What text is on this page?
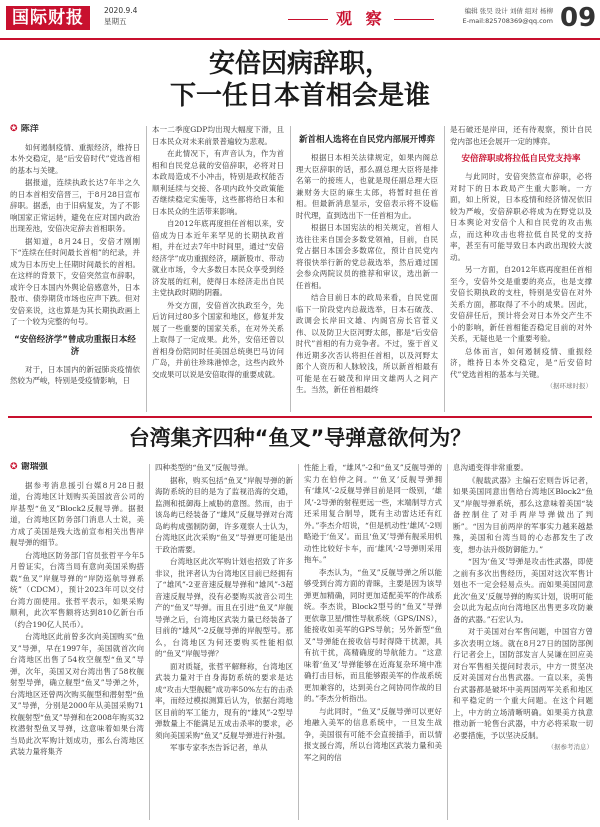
国际财报	2020.9.4
星期五	观 察	编辑 张昊 设计 刘倩 组对 杨柳
E-mail:825708369@qq.com 09
安倍因病辞职，
下一任日本首相会是谁
✪ 陈洋

如何遏制疫情、重振经济，维持日本外交稳定，是“后安倍时代”党选首相的基本与关键。

据报道，连续执政长达7年半之久的日本首相安倍晋三，于8月28日宣布辞职。据悉，由于旧病复发，为了不影响国家正常运转，避免在应对国内政治出现差池，安倍决定辞去首相职务。

据知道，8月24日，安倍才刚刚下“连续在任时间最长首相”的纪录，并成为日本历史上任期时间最长的首相。在这样的背景下，安倍突然宣布辞职，或许令日本国内外舆论倍感意外，日本股市、债券期货市场也应声下跌。但对安倍来说，这也算是为其长期执政画上了一个较为完整的句号。

“安倍经济学”曾成功重振日本经济

对于，日本国内的新冠肺炎疫情依然较为严峻，特别是受疫情影响，日

本一二季度GDP均出现大幅度下滑，且日本民众对未来前景普遍较为悲观。

在此情况下，有声音认为，作为首相和自民党总裁的安倍辞职，必将对日本政局造成不小冲击，特别是政权能否顺利延续与交接、各项内政外交政策能否继续稳定实施等，这些都将给日本和日本民众的生活带来影响。

自2012年底再度担任首相以来，安倍成为日本近年来罕见的长期执政首相，并在过去7年中时间里，通过“安倍经济学”成功重振经济，刷新股市、带动就业市场，令大多数日本民众享受到经济发展的红利，使得日本经济走出自民主党执政时期的阴霾。

外交方面，安倍首次执政至今，先后访问过80多个国家和地区，修复并发展了一些重要的国家关系，在对外关系上取得了一定成果。此外，安倍还曾以首相身份陪同时任美国总统奥巴马访问广岛，并前往珍珠港悼念，这些内政外交成果可以说是安倍取得的重要成就。

新首相人选将在自民党内部展开博弈

根据日本相关法律规定，如果内阁总理大臣辞职的话，那么副总理大臣将是排名第一的接班人，也就是现任副总理大臣兼财务大臣的麻生太郎，将暂时担任首相。但最新消息显示，安倍表示将不设临时代理，直到选出下一任首相为止。

根据日本国宪法的相关规定，首相人选往往来自国会多数党领袖，目前，自民党占据日本国会多数席位，预计自民党内将很快举行新的党总裁选举，然后通过国会参众两院议员的推荐和审议，选出新一任首相。

结合目前日本的政局来看，自民党面临下一阶段党内总裁选举，日本石破茂、政调会长岸田文雄、内阁官房长官菅义伟、以及防卫大臣河野太郎，都是“后安倍时代”首相的有力竞争者。不过，鉴于首义伟近期多次否认将担任首相，以及河野太郎个人资历和人脉较浅，所以新首相最有可能是在石破茂和岸田文雄两人之间产生。当然，新任首相最终

是石破还是岸田，还有待观察，预计自民党内部也还会展开一定的博弈。

安倍辞职或将拉低自民党支持率

与此同时，安倍突然宣布辞职，必将对时下的日本政局产生重大影响。一方面，如上所说，日本疫情和经济情况依旧较为严峻，安倍辞职必将成为在野党以及日本舆论对安倍个人和自民党的攻击焦点，而这种攻击也将拉低自民党的支持率，甚至有可能导致日本内政出现较大波动。

另一方面，自2012年底再度担任首相至今，安倍外交是重要的亮点，也是支撑安倍长期执政的支柱，特别是安倍在对外关系方面，都取得了不小的成果。因此，安倍辞任后，预计将会对日本外交产生不小的影响，新任首相能否稳定目前的对外关系，无疑也是一个重要考验。

总体而言，如何遏制疫情、重振经济，维持日本外交稳定，是“后安倍时代”党选首相的基本与关键。

（据环球时报）
台湾集齐四种“鱼叉”导弹意欲何为？
✪ 谢瑞强

据参考消息援引台媒8月28日报道，台湾地区计划购买美国波音公司的岸基型“鱼叉”Block2反舰导弹。据报道，台湾地区防务部门消息人士说，美方成了美国是残大选前宣布相关出售岸舰导弹的细节。

台湾地区防务部门官员张哲平今年5月曾证实，台湾当局有意向美国采购搭载“鱼叉”岸舰导弹的“岸防巡航导弹系统”（CDCM），预计2023年可以交付台湾方面使用。张哲平表示，如果采购顺利，此次军售额将达到810亿新台币（约合190亿人民币）。

台湾地区此前曾多次向美国购买“鱼叉”导弹，早在1997年，美国就首次向台湾地区出售了54枚空舰型“鱼叉”导弹，次年，美国又对台湾出售了58枚舰射型导弹，确立舰型“鱼叉”导弹之外，台湾地区还曾两次购买舰型和潜射型“鱼叉”导弹，分别是2000年从美国采购71枚舰射型“鱼叉”导弹和在2008年购买32枚潜射型鱼叉导弹，这意味着如果台湾当局此次军购计划成功，那么台湾地区武装力量将集齐

四种类型的“鱼叉”反舰导弹。

据称，购买包括“鱼叉”岸舰导弹的新海防系统的目的是为了监视沿海的交通，监测和抵御海上威胁的意图。然而，由于该岛屿已经装备了“雄风”反舰导弹对台湾岛屿构成强制防御，许多观察人士认为，台湾地区此次采购“鱼叉”导弹更可能是出于政治需要。

台湾地区此次军购计划也招致了许多非议，批评者认为台湾地区目前已经拥有了“雄风”-2亚音速反舰导弹和“雄风”-3超音速反舰导弹，没有必要购买波音公司生产的“鱼叉”导弹。而且在引进“鱼叉”岸舰导弹之后，台湾地区武装力量已经装备了目前的“雄风”-2反舰导弹的岸舰型号。那么，台湾地区为何还要购买性能相似的“鱼叉”岸舰导弹？

面对质疑，张哲平解释称，台湾地区武装力量对于自身海防系统的要求是达成“攻击大型舰艇”成功率50%左右的击杀率，而经过模拟测算后认为，依据台湾地区目前的军工能力，现有的“雄风”-2型导弹数量上不能满足五成击杀率的要求，必须向美国采购“鱼叉”反舰导弹进行补强。

军事专家李杰告诉记者，单从

性能上看，“雄风”-2和“鱼叉”反舰导弹的实力在伯仲之间。“‘鱼叉’反舰导弹拥有‘雄风’-2反舰导弹目前是同一级别，‘雄风’-2导弹的射程更远一些，末端制导方式还采用复合制导，既有主动雷达还有红外。”李杰介绍说，“但是机动性‘雄风’-2则略逊于‘鱼叉’。而且‘鱼叉’导弹有舰采用机动性比较好卡车，而‘雄风’-2导弹则采用拖车。”

李杰认为，“鱼叉”反舰导弹之所以能够受到台湾方面的青睐，主要是因为该导弹更加精确，同时更加适配美军的作战系统。李杰说，Block2型号的“鱼叉”导弹更依靠卫星/惯性导航系统（GPS/INS），能接收如美军的GPS导航；另外新型“鱼叉”导弹能在接收信号时得降干扰源，具有抗干扰，高精确度的导航能力。“这意味着‘鱼叉’导弹能够在近海复杂环境中准确打击目标，而且能够跟美军的作战系统更加兼容的，达到美台之间协同作战的目的。”李杰分析指出。

与此同时，“鱼叉”反舰导弹可以更好地融入美军的信息系统中，一旦发生战争，美国很有可能不会直接插手，而以情报支援台湾，所以台湾地区武装力量和美军之间的信

息沟通变得非常重要。

《舰载武器》主编石宏则告诉记者，如果美国同意出售给台湾地区Block2“鱼叉”岸舰导弹系统，那么这意味着美国“装备控制住了对手两岸导弹做出了判断”。“因为目前两岸的军事实力越来越悬殊，美国和台湾当局的心态都发生了改变，想办法升级防御能力。”

“因为‘鱼叉’导弹是攻击性武器，即使之前有多次出售经历，美国对这次军售计划也不一定会轻易点头。而如果美国同意此次‘鱼叉’反舰导弹的购买计划，说明可能会以此为起点向台湾地区出售更多攻防兼备的武器。”石宏认为。

对于美国对台军售问题，中国官方曾多次表明立场。就在8月27日的国防部例行记者会上，国防部发言人吴谦在回应美对台军售相关提问时表示，中方一贯坚决反对美国对台出售武器。一直以来，美售台武器都是破坏中美两国两军关系和地区和平稳定的一个重大问题。在这个问题上，中方的立场清晰明确。如果美方执意推动新一轮售台武器，中方必将采取一切必要措施，予以坚决反制。

（据参考消息）
